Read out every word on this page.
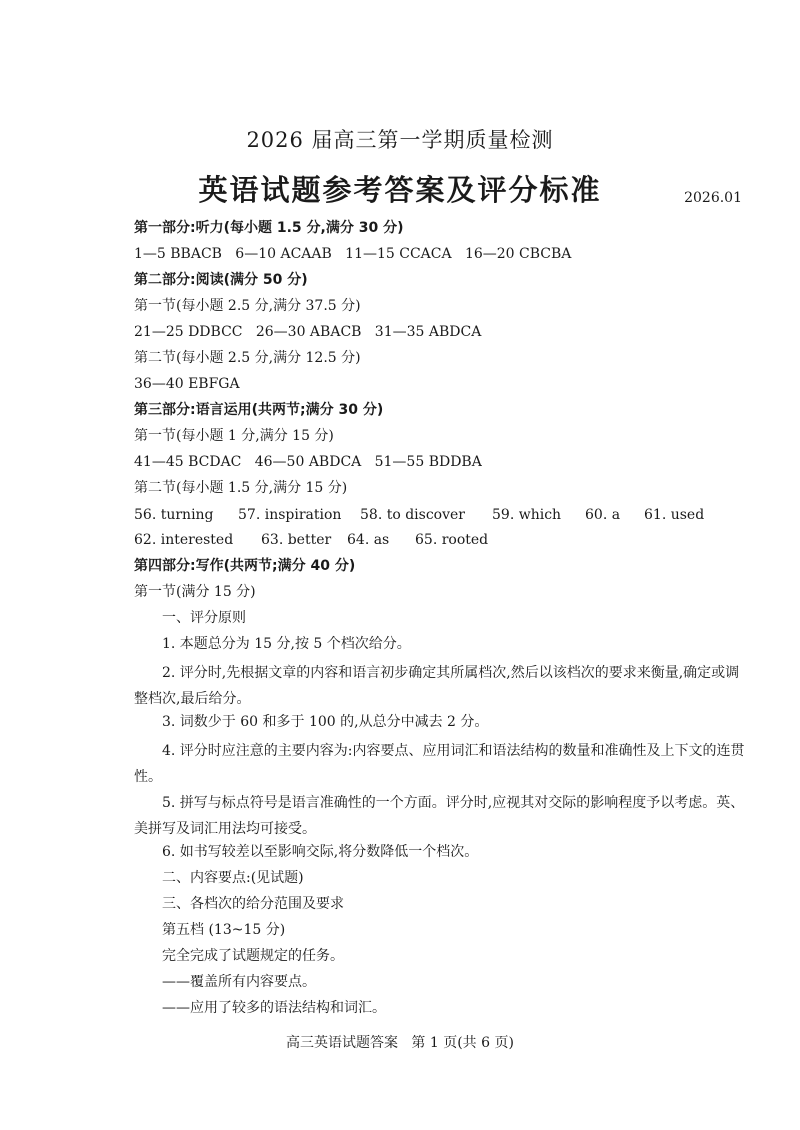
2026 届高三第一学期质量检测
英语试题参考答案及评分标准	2026.01
第一部分:听力(每小题 1.5 分,满分 30 分)
1—5 BBACB   6—10 ACAAB   11—15 CCACA   16—20 CBCBA
第二部分:阅读(满分 50 分)
第一节(每小题 2.5 分,满分 37.5 分)
21—25 DDBCC   26—30 ABACB   31—35 ABDCA
第二节(每小题 2.5 分,满分 12.5 分)
36—40 EBFGA
第三部分:语言运用(共两节;满分 30 分)
第一节(每小题 1 分,满分 15 分)
41—45 BCDAC   46—50 ABDCA   51—55 BDDBA
第二节(每小题 1.5 分,满分 15 分)
56. turning 57. inspiration 58. to discover 59. which 60. a 61. used
62. interested 63. better 64. as 65. rooted
第四部分:写作(共两节;满分 40 分)
第一节(满分 15 分)
一、评分原则
1. 本题总分为 15 分,按 5 个档次给分。
2. 评分时,先根据文章的内容和语言初步确定其所属档次,然后以该档次的要求来衡量,确定或调整档次,最后给分。
3. 词数少于 60 和多于 100 的,从总分中减去 2 分。
4. 评分时应注意的主要内容为:内容要点、应用词汇和语法结构的数量和准确性及上下文的连贯性。
5. 拼写与标点符号是语言准确性的一个方面。评分时,应视其对交际的影响程度予以考虑。英、美拼写及词汇用法均可接受。
6. 如书写较差以至影响交际,将分数降低一个档次。
二、内容要点:(见试题)
三、各档次的给分范围及要求
第五档 (13~15 分)
完全完成了试题规定的任务。
——覆盖所有内容要点。
——应用了较多的语法结构和词汇。
高三英语试题答案   第 1 页(共 6 页)
